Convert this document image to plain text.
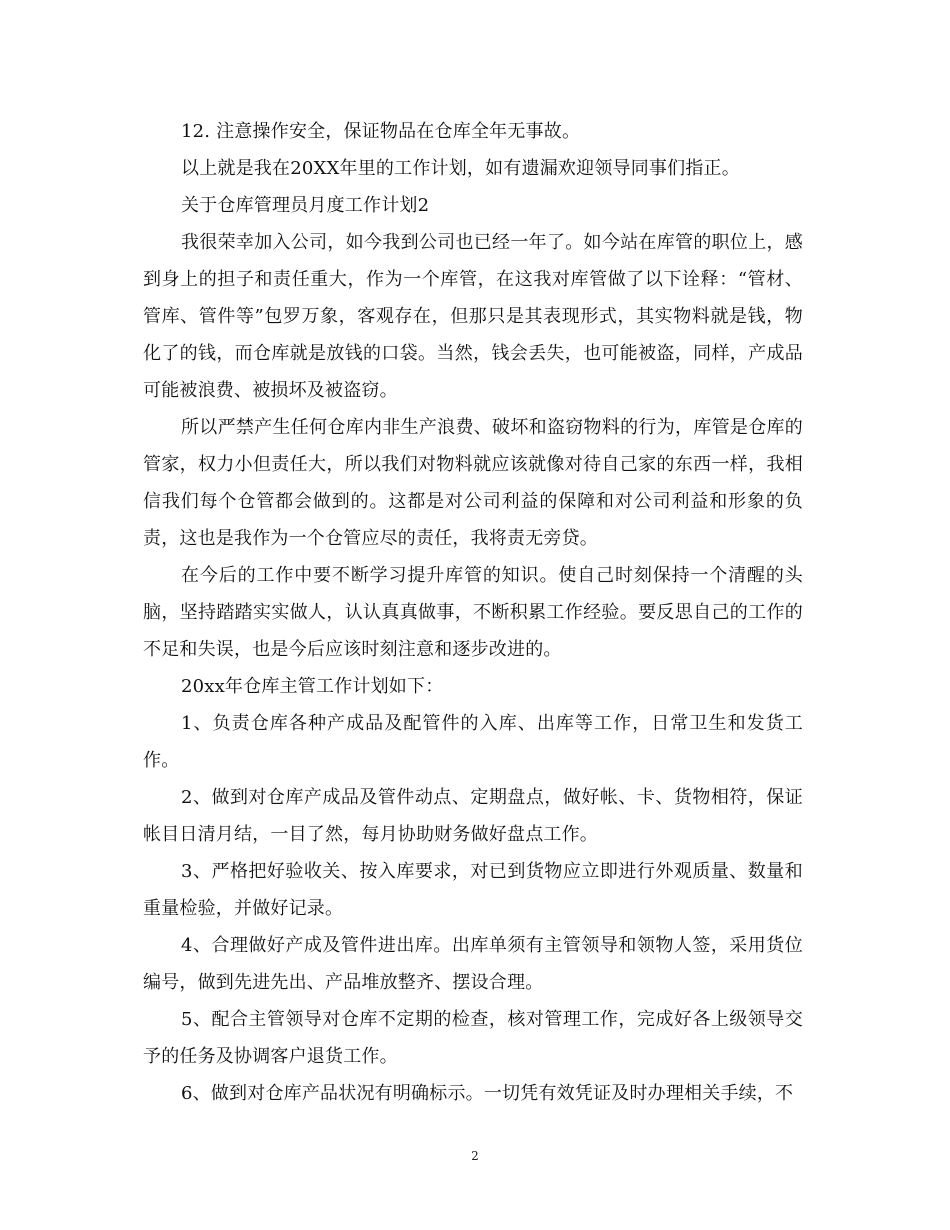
12. 注意操作安全，保证物品在仓库全年无事故。

以上就是我在20XX年里的工作计划，如有遗漏欢迎领导同事们指正。

关于仓库管理员月度工作计划2

我很荣幸加入公司，如今我到公司也已经一年了。如今站在库管的职位上，感到身上的担子和责任重大，作为一个库管，在这我对库管做了以下诠释：“管材、管库、管件等”包罗万象，客观存在，但那只是其表现形式，其实物料就是钱，物化了的钱，而仓库就是放钱的口袋。当然，钱会丢失，也可能被盗，同样，产成品可能被浪费、被损坏及被盗窃。

所以严禁产生任何仓库内非生产浪费、破坏和盗窃物料的行为，库管是仓库的管家，权力小但责任大，所以我们对物料就应该就像对待自己家的东西一样，我相信我们每个仓管都会做到的。这都是对公司利益的保障和对公司利益和形象的负责，这也是我作为一个仓管应尽的责任，我将责无旁贷。

在今后的工作中要不断学习提升库管的知识。使自己时刻保持一个清醒的头脑，坚持踏踏实实做人，认认真真做事，不断积累工作经验。要反思自己的工作的不足和失误，也是今后应该时刻注意和逐步改进的。

20xx年仓库主管工作计划如下：

1、负责仓库各种产成品及配管件的入库、出库等工作，日常卫生和发货工作。

2、做到对仓库产成品及管件动点、定期盘点，做好帐、卡、货物相符，保证帐目日清月结，一目了然，每月协助财务做好盘点工作。

3、严格把好验收关、按入库要求，对已到货物应立即进行外观质量、数量和重量检验，并做好记录。

4、合理做好产成及管件进出库。出库单须有主管领导和领物人签，采用货位编号，做到先进先出、产品堆放整齐、摆设合理。

5、配合主管领导对仓库不定期的检查，核对管理工作，完成好各上级领导交予的任务及协调客户退货工作。

6、做到对仓库产品状况有明确标示。一切凭有效凭证及时办理相关手续，不

2
